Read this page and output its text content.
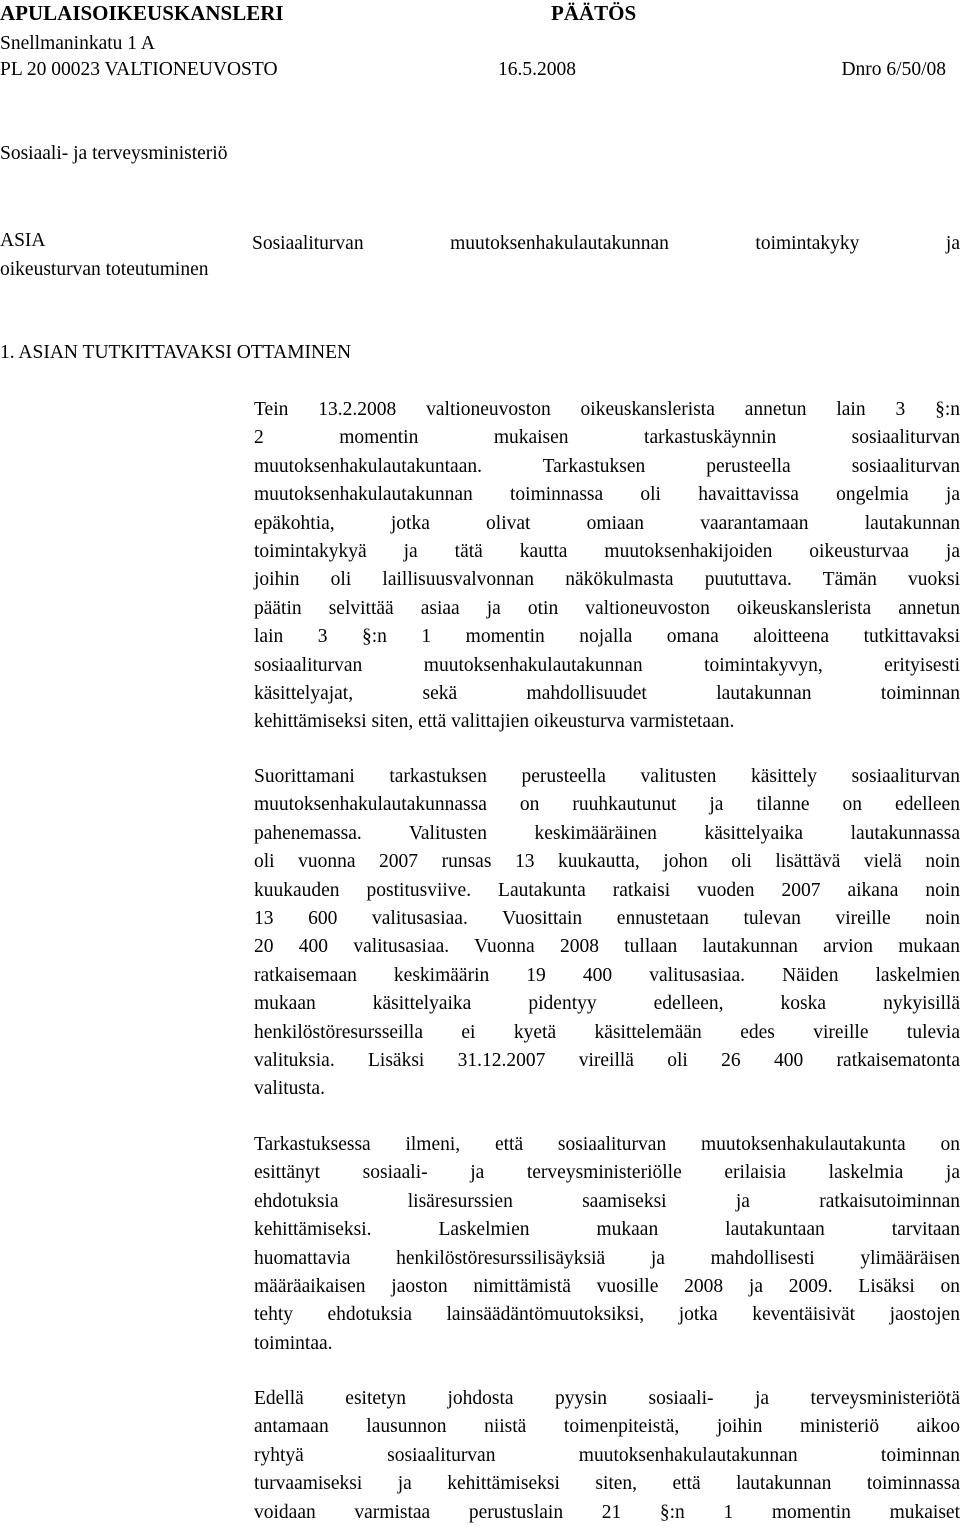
APULAISOIKEUSKANSLERI	PÄÄTÖS
Snellmaninkatu 1 A
PL 20 00023 VALTIONEUVOSTO	16.5.2008	Dnro 6/50/08
Sosiaali- ja terveysministeriö
ASIA	Sosiaaliturvan muutoksenhakulautakunnan toimintakyky ja
oikeusturvan toteutuminen
1. ASIAN TUTKITTAVAKSI OTTAMINEN
Tein 13.2.2008 valtioneuvoston oikeuskanslerista annetun lain 3 §:n
2 momentin mukaisen tarkastuskäynnin sosiaaliturvan
muutoksenhakulautakuntaan. Tarkastuksen perusteella sosiaaliturvan
muutoksenhakulautakunnan toiminnassa oli havaittavissa ongelmia ja
epäkohtia, jotka olivat omiaan vaarantamaan lautakunnan
toimintakykyä ja tätä kautta muutoksenhakijoiden oikeusturvaa ja
joihin oli laillisuusvalvonnan näkökulmasta puututtava. Tämän vuoksi
päätin selvittää asiaa ja otin valtioneuvoston oikeuskanslerista annetun
lain 3 §:n 1 momentin nojalla omana aloitteena tutkittavaksi
sosiaaliturvan muutoksenhakulautakunnan toimintakyvyn, erityisesti
käsittelyajat, sekä mahdollisuudet lautakunnan toiminnan
kehittämiseksi siten, että valittajien oikeusturva varmistetaan.
Suorittamani tarkastuksen perusteella valitusten käsittely sosiaaliturvan
muutoksenhakulautakunnassa on ruuhkautunut ja tilanne on edelleen
pahenemassa. Valitusten keskimääräinen käsittelyaika lautakunnassa
oli vuonna 2007 runsas 13 kuukautta, johon oli lisättävä vielä noin
kuukauden postitusviive. Lautakunta ratkaisi vuoden 2007 aikana noin
13 600 valitusasiaa. Vuosittain ennustetaan tulevan vireille noin
20 400 valitusasiaa. Vuonna 2008 tullaan lautakunnan arvion mukaan
ratkaisemaan keskimäärin 19 400 valitusasiaa. Näiden laskelmien
mukaan käsittelyaika pidentyy edelleen, koska nykyisillä
henkilöstöresursseilla ei kyetä käsittelemään edes vireille tulevia
valituksia. Lisäksi 31.12.2007 vireillä oli 26 400 ratkaisematonta
valitusta.
Tarkastuksessa ilmeni, että sosiaaliturvan muutoksenhakulautakunta on
esittänyt sosiaali- ja terveysministeriölle erilaisia laskelmia ja
ehdotuksia lisäresurssien saamiseksi ja ratkaisutoiminnan
kehittämiseksi. Laskelmien mukaan lautakuntaan tarvitaan
huomattavia henkilöstöresurssilisäyksiä ja mahdollisesti ylimääräisen
määräaikaisen jaoston nimittämistä vuosille 2008 ja 2009. Lisäksi on
tehty ehdotuksia lainsäädäntömuutoksiksi, jotka keventäisivät jaostojen
toimintaa.
Edellä esitetyn johdosta pyysin sosiaali- ja terveysministeriötä
antamaan lausunnon niistä toimenpiteistä, joihin ministeriö aikoo
ryhtyä sosiaaliturvan muutoksenhakulautakunnan toiminnan
turvaamiseksi ja kehittämiseksi siten, että lautakunnan toiminnassa
voidaan varmistaa perustuslain 21 §:n 1 momentin mukaiset
